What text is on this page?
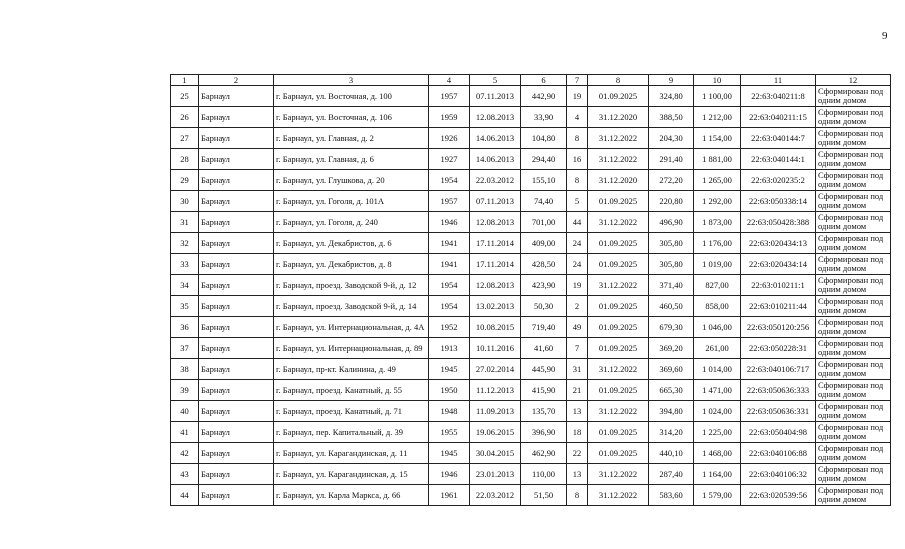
9
1	2	3	4	5	6	7	8	9	10	11	12
25	Барнаул	г. Барнаул, ул. Восточная, д. 100	1957	07.11.2013	442,90	19	01.09.2025	324,80	1 100,00	22:63:040211:8	Сформирован под одним домом
26	Барнаул	г. Барнаул, ул. Восточная, д. 106	1959	12.08.2013	33,90	4	31.12.2020	388,50	1 212,00	22:63:040211:15	Сформирован под одним домом
27	Барнаул	г. Барнаул, ул. Главная, д. 2	1926	14.06.2013	104,80	8	31.12.2022	204,30	1 154,00	22:63:040144:7	Сформирован под одним домом
28	Барнаул	г. Барнаул, ул. Главная, д. 6	1927	14.06.2013	294,40	16	31.12.2022	291,40	1 881,00	22:63:040144:1	Сформирован под одним домом
29	Барнаул	г. Барнаул, ул. Глушкова, д. 20	1954	22.03.2012	155,10	8	31.12.2020	272,20	1 265,00	22:63:020235:2	Сформирован под одним домом
30	Барнаул	г. Барнаул, ул. Гоголя, д. 101А	1957	07.11.2013	74,40	5	01.09.2025	220,80	1 292,00	22:63:050338:14	Сформирован под одним домом
31	Барнаул	г. Барнаул, ул. Гоголя, д. 240	1946	12.08.2013	701,00	44	31.12.2022	496,90	1 873,00	22:63:050428:388	Сформирован под одним домом
32	Барнаул	г. Барнаул, ул. Декабристов, д. 6	1941	17.11.2014	409,00	24	01.09.2025	305,80	1 176,00	22:63:020434:13	Сформирован под одним домом
33	Барнаул	г. Барнаул, ул. Декабристов, д. 8	1941	17.11.2014	428,50	24	01.09.2025	305,80	1 019,00	22:63:020434:14	Сформирован под одним домом
34	Барнаул	г. Барнаул, проезд. Заводской 9-й, д. 12	1954	12.08.2013	423,90	19	31.12.2022	371,40	827,00	22:63:010211:1	Сформирован под одним домом
35	Барнаул	г. Барнаул, проезд. Заводской 9-й, д. 14	1954	13.02.2013	50,30	2	01.09.2025	460,50	858,00	22:63:010211:44	Сформирован под одним домом
36	Барнаул	г. Барнаул, ул. Интернациональная, д. 4А	1952	10.08.2015	719,40	49	01.09.2025	679,30	1 046,00	22:63:050120:256	Сформирован под одним домом
37	Барнаул	г. Барнаул, ул. Интернациональная, д. 89	1913	10.11.2016	41,60	7	01.09.2025	369,20	261,00	22:63:050228:31	Сформирован под одним домом
38	Барнаул	г. Барнаул, пр-кт. Калинина, д. 49	1945	27.02.2014	445,90	31	31.12.2022	369,60	1 014,00	22:63:040106:717	Сформирован под одним домом
39	Барнаул	г. Барнаул, проезд. Канатный, д. 55	1950	11.12.2013	415,90	21	01.09.2025	665,30	1 471,00	22:63:050636:333	Сформирован под одним домом
40	Барнаул	г. Барнаул, проезд. Канатный, д. 71	1948	11.09.2013	135,70	13	31.12.2022	394,80	1 024,00	22:63:050636:331	Сформирован под одним домом
41	Барнаул	г. Барнаул, пер. Капитальный, д. 39	1955	19.06.2015	396,90	18	01.09.2025	314,20	1 225,00	22:63:050404:98	Сформирован под одним домом
42	Барнаул	г. Барнаул, ул. Карагандинская, д. 11	1945	30.04.2015	462,90	22	01.09.2025	440,10	1 468,00	22:63:040106:88	Сформирован под одним домом
43	Барнаул	г. Барнаул, ул. Карагандинская, д. 15	1946	23.01.2013	110,00	13	31.12.2022	287,40	1 164,00	22:63:040106:32	Сформирован под одним домом
44	Барнаул	г. Барнаул, ул. Карла Маркса, д. 66	1961	22.03.2012	51,50	8	31.12.2022	583,60	1 579,00	22:63:020539:56	Сформирован под одним домом
